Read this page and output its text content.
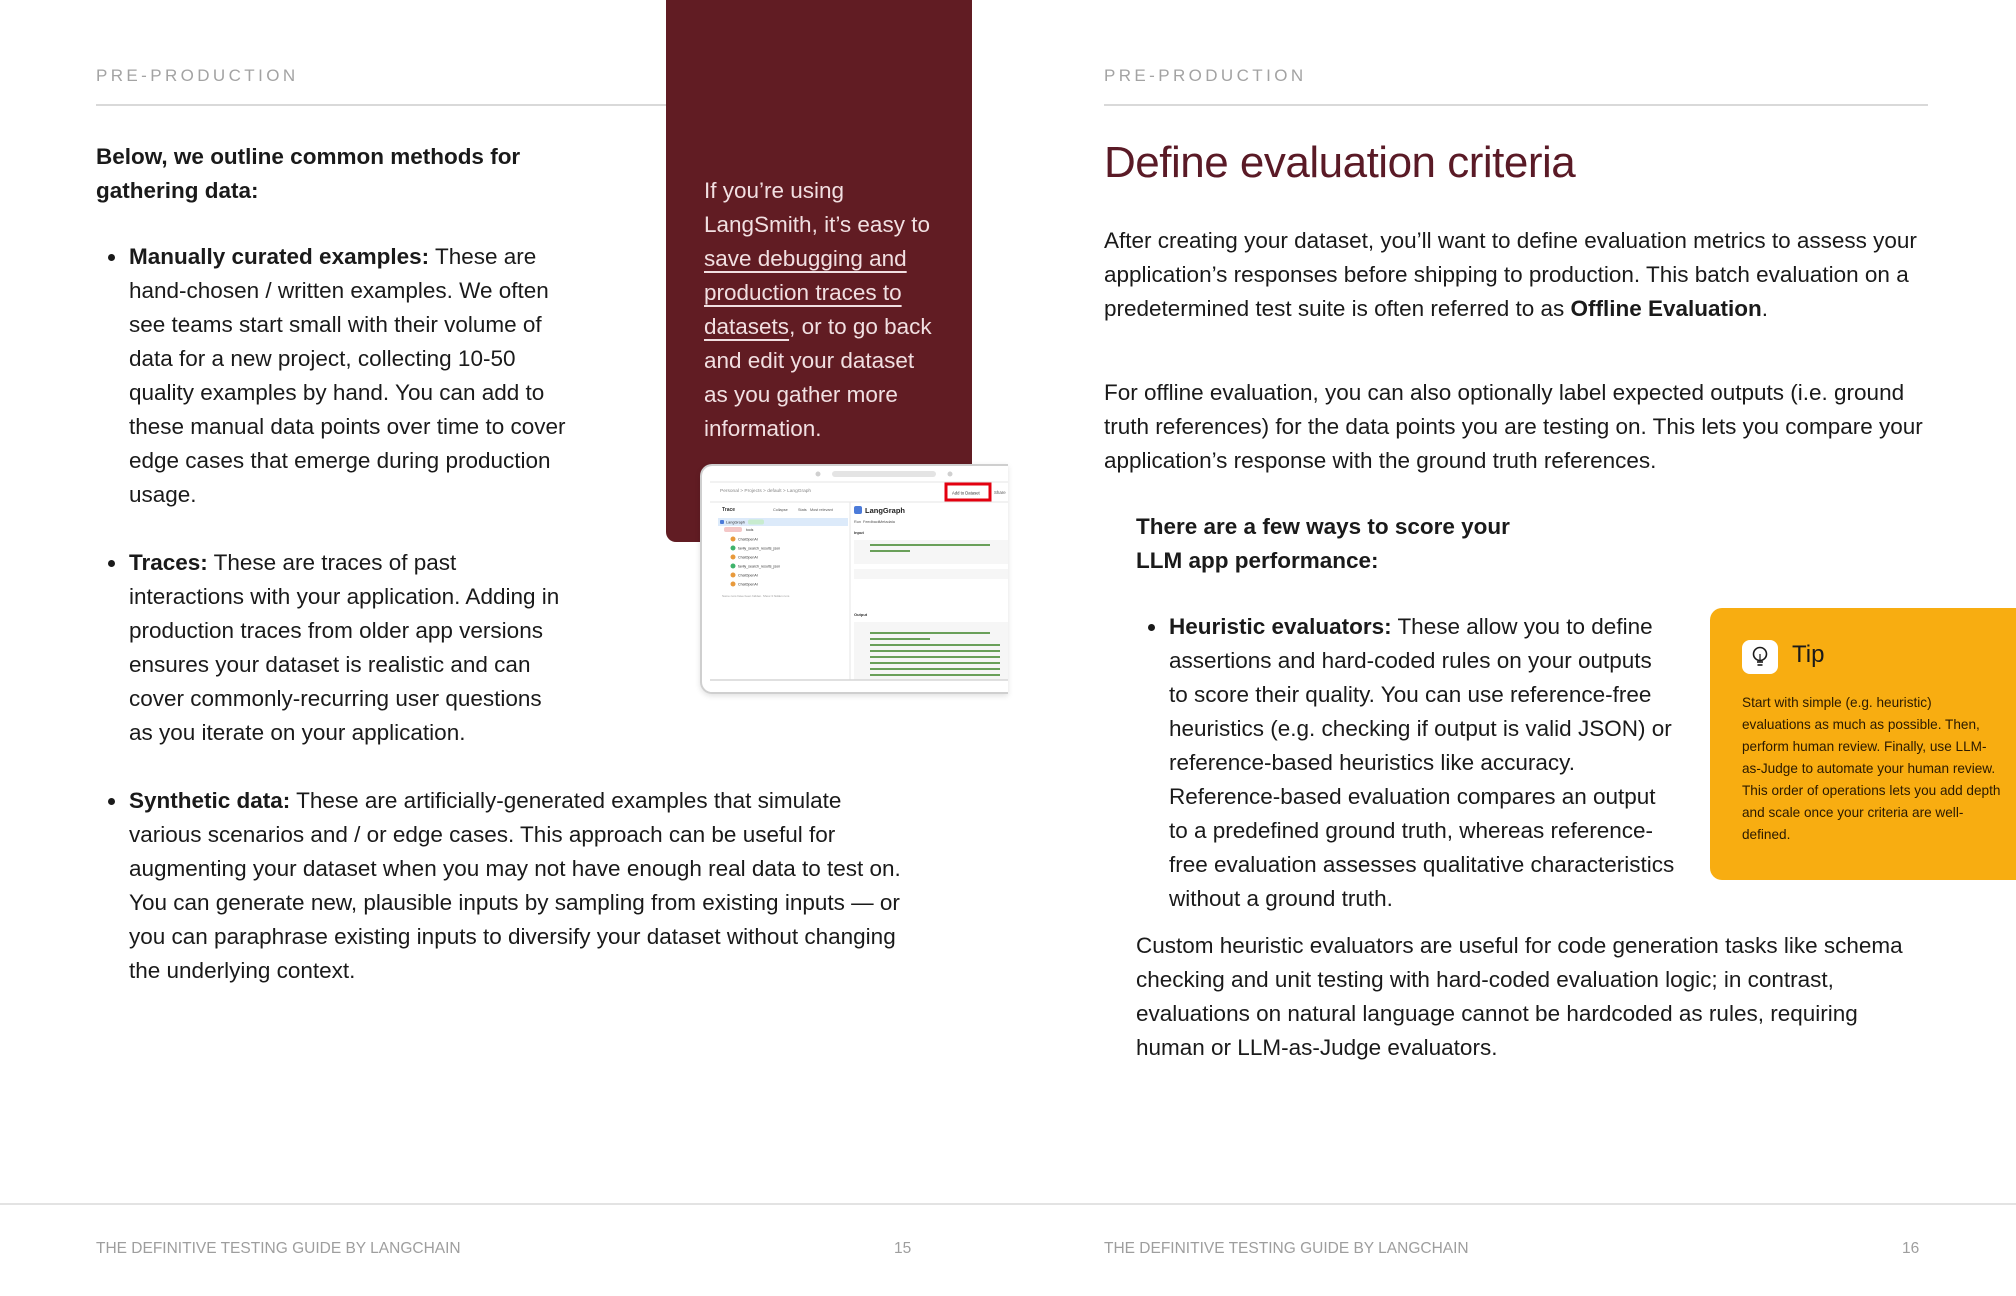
PRE-PRODUCTION
Below, we outline common methods for gathering data:
Manually curated examples: These are hand-chosen / written examples. We often see teams start small with their volume of data for a new project, collecting 10-50 quality examples by hand. You can add to these manual data points over time to cover edge cases that emerge during production usage.
Traces: These are traces of past interactions with your application. Adding in production traces from older app versions ensures your dataset is realistic and can cover commonly-recurring user questions as you iterate on your application.
Synthetic data: These are artificially-generated examples that simulate various scenarios and / or edge cases. This approach can be useful for augmenting your dataset when you may not have enough real data to test on. You can generate new, plausible inputs by sampling from existing inputs — or you can paraphrase existing inputs to diversify your dataset without changing the underlying context.
If you’re using LangSmith, it’s easy to save debugging and production traces to datasets, or to go back and edit your dataset as you gather more information.
Personal > Projects > default > LangGraph	Add to Dataset	Share
Trace	Collapse	Stats Most relevant
LangGraph
tools
ChatOpenAI
tavily_search_results_json
ChatOpenAI
tavily_search_results_json
ChatOpenAI
ChatOpenAI
Some runs have been hidden. Show 3 hidden runs
LangGraph
Run Feedback Metadata
Input
Output
THE DEFINITIVE TESTING GUIDE BY LANGCHAIN	15
PRE-PRODUCTION
Define evaluation criteria

After creating your dataset, you’ll want to define evaluation metrics to assess your application’s responses before shipping to production. This batch evaluation on a predetermined test suite is often referred to as Offline Evaluation.

For offline evaluation, you can also optionally label expected outputs (i.e. ground truth references) for the data points you are testing on. This lets you compare your application’s response with the ground truth references.

There are a few ways to score your LLM app performance:

Heuristic evaluators: These allow you to define assertions and hard-coded rules on your outputs to score their quality. You can use reference-free heuristics (e.g. checking if output is valid JSON) or reference-based heuristics like accuracy. Reference-based evaluation compares an output to a predefined ground truth, whereas reference-free evaluation assesses qualitative characteristics without a ground truth.

Custom heuristic evaluators are useful for code generation tasks like schema checking and unit testing with hard-coded evaluation logic; in contrast, evaluations on natural language cannot be hardcoded as rules, requiring human or LLM-as-Judge evaluators.

Tip
Start with simple (e.g. heuristic) evaluations as much as possible. Then, perform human review. Finally, use LLM-as-Judge to automate your human review. This order of operations lets you add depth and scale once your criteria are well-defined.
THE DEFINITIVE TESTING GUIDE BY LANGCHAIN	16
